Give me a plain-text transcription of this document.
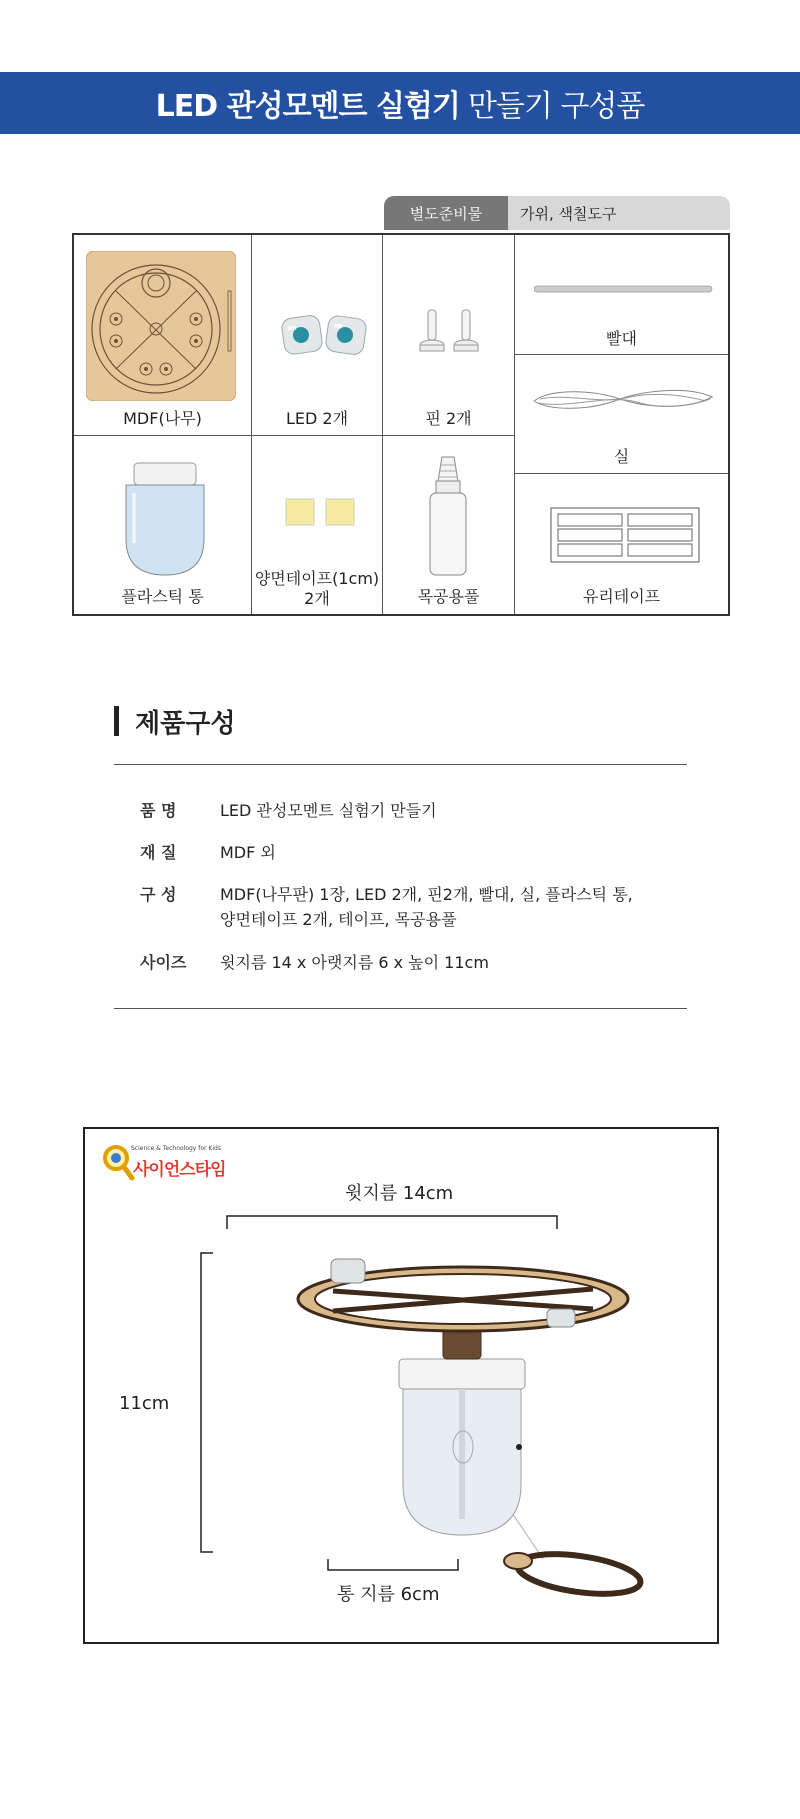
LED 관성모멘트 실험기 만들기 구성품
별도준비물	가위, 색칠도구
MDF(나무)	LED 2개	핀 2개
빨대
실
플라스틱 통
양면테이프(1cm)
2개	목공용풀	유리테이프
제품구성
품 명	LED 관성모멘트 실험기 만들기
재 질	MDF 외
구 성	MDF(나무판) 1장, LED 2개, 핀2개, 빨대, 실, 플라스틱 통,
양면테이프 2개, 테이프, 목공용풀
사이즈	윗지름 14 x 아랫지름 6 x 높이 11cm
Science & Technology for Kids
사이언스타임
윗지름 14cm
11cm
통 지름 6cm
